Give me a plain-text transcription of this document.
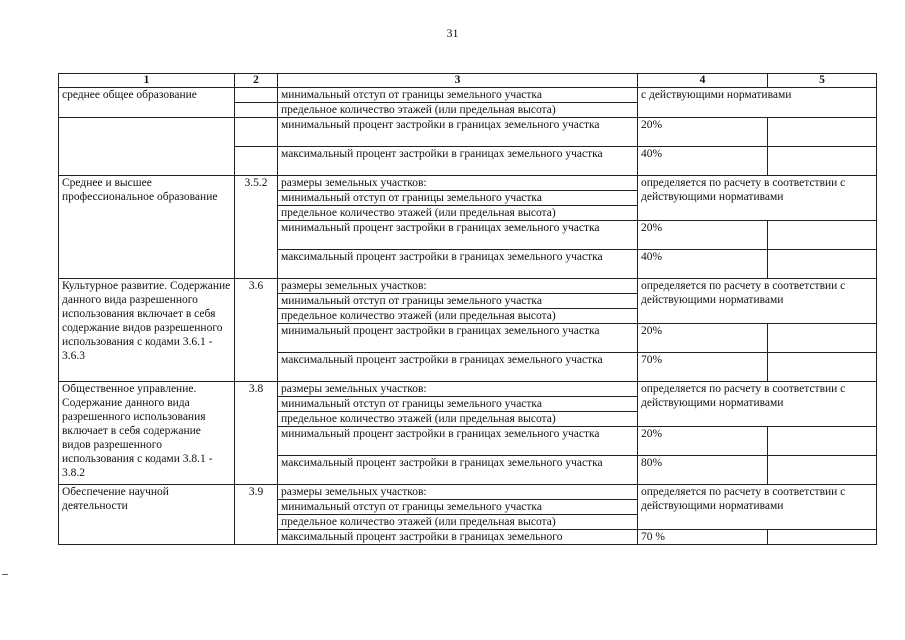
31
1	2	3	4	5
среднее общее образование		минимальный отступ от границы земельного участка	с действующими нормативами	
		предельное количество этажей (или предельная высота)		
		минимальный процент застройки в границах земельного участка	20%	
		максимальный процент застройки в границах земельного участка	40%	
Среднее и высшее профессиональное образование	3.5.2	размеры земельных участков:	определяется по расчету в соответствии с действующими нормативами	
		минимальный отступ от границы земельного участка		
		предельное количество этажей (или предельная высота)		
		минимальный процент застройки в границах земельного участка	20%	
		максимальный процент застройки в границах земельного участка	40%	
Культурное развитие. Содержание данного вида разрешенного использования включает в себя содержание видов разрешенного использования с кодами 3.6.1 - 3.6.3	3.6	размеры земельных участков:	определяется по расчету в соответствии с действующими нормативами	
		минимальный отступ от границы земельного участка		
		предельное количество этажей (или предельная высота)		
		минимальный процент застройки в границах земельного участка	20%	
		максимальный процент застройки в границах земельного участка	70%	
Общественное управление. Содержание данного вида разрешенного использования включает в себя содержание видов разрешенного использования с кодами 3.8.1 - 3.8.2	3.8	размеры земельных участков:	определяется по расчету в соответствии с действующими нормативами	
		минимальный отступ от границы земельного участка		
		предельное количество этажей (или предельная высота)		
		минимальный процент застройки в границах земельного участка	20%	
		максимальный процент застройки в границах земельного участка	80%	
Обеспечение научной деятельности	3.9	размеры земельных участков:	определяется по расчету в соответствии с действующими нормативами	
		минимальный отступ от границы земельного участка		
		предельное количество этажей (или предельная высота)		
		максимальный процент застройки в границах земельного	70 %	
